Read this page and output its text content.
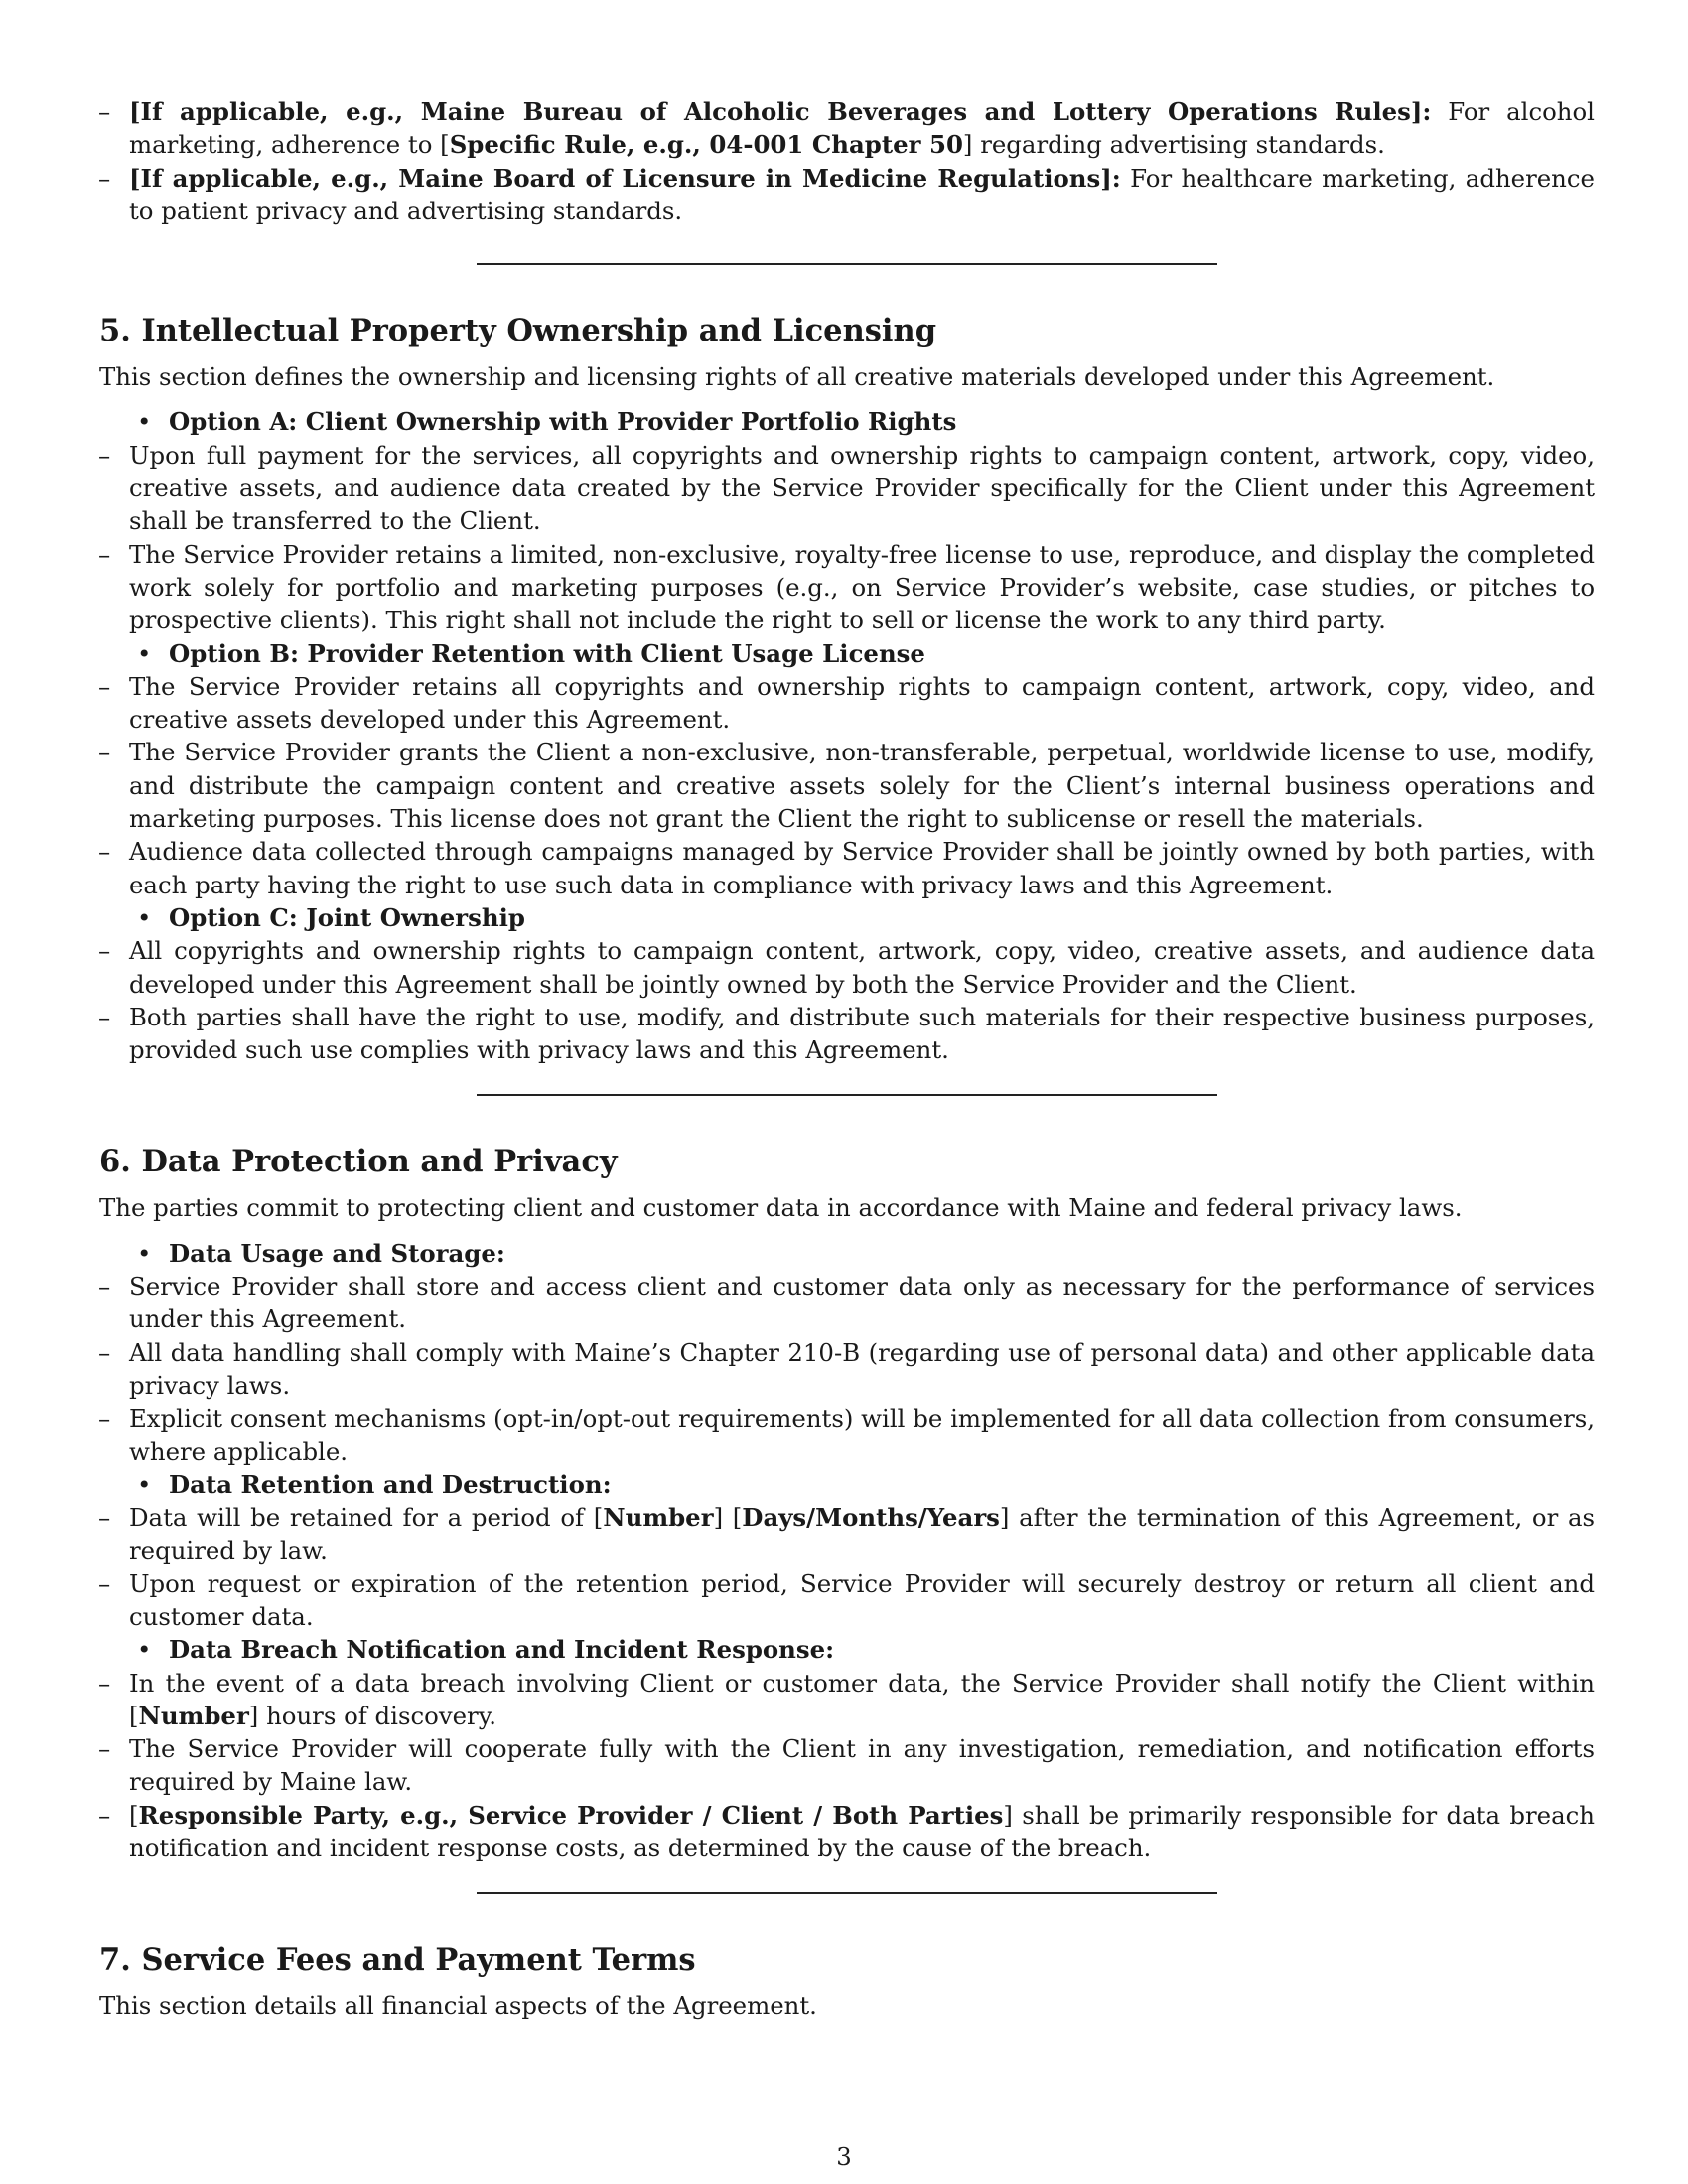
– [If applicable, e.g., Maine Bureau of Alcoholic Beverages and Lottery Operations Rules]: For alcohol marketing, adherence to [Specific Rule, e.g., 04-001 Chapter 50] regarding advertising standards.
– [If applicable, e.g., Maine Board of Licensure in Medicine Regulations]: For healthcare marketing, adherence to patient privacy and advertising standards.
5. Intellectual Property Ownership and Licensing

This section defines the ownership and licensing rights of all creative materials developed under this Agreement.

• Option A: Client Ownership with Provider Portfolio Rights
– Upon full payment for the services, all copyrights and ownership rights to campaign content, artwork, copy, video, creative assets, and audience data created by the Service Provider specifically for the Client under this Agreement shall be transferred to the Client.
– The Service Provider retains a limited, non-exclusive, royalty-free license to use, reproduce, and display the completed work solely for portfolio and marketing purposes (e.g., on Service Provider’s website, case studies, or pitches to prospective clients). This right shall not include the right to sell or license the work to any third party.
• Option B: Provider Retention with Client Usage License
– The Service Provider retains all copyrights and ownership rights to campaign content, artwork, copy, video, and creative assets developed under this Agreement.
– The Service Provider grants the Client a non-exclusive, non-transferable, perpetual, worldwide license to use, modify, and distribute the campaign content and creative assets solely for the Client’s internal business operations and marketing purposes. This license does not grant the Client the right to sublicense or resell the materials.
– Audience data collected through campaigns managed by Service Provider shall be jointly owned by both parties, with each party having the right to use such data in compliance with privacy laws and this Agreement.
• Option C: Joint Ownership
– All copyrights and ownership rights to campaign content, artwork, copy, video, creative assets, and audience data developed under this Agreement shall be jointly owned by both the Service Provider and the Client.
– Both parties shall have the right to use, modify, and distribute such materials for their respective business purposes, provided such use complies with privacy laws and this Agreement.
6. Data Protection and Privacy

The parties commit to protecting client and customer data in accordance with Maine and federal privacy laws.

• Data Usage and Storage:
– Service Provider shall store and access client and customer data only as necessary for the performance of services under this Agreement.
– All data handling shall comply with Maine’s Chapter 210-B (regarding use of personal data) and other applicable data privacy laws.
– Explicit consent mechanisms (opt-in/opt-out requirements) will be implemented for all data collection from consumers, where applicable.
• Data Retention and Destruction:
– Data will be retained for a period of [Number] [Days/Months/Years] after the termination of this Agreement, or as required by law.
– Upon request or expiration of the retention period, Service Provider will securely destroy or return all client and customer data.
• Data Breach Notification and Incident Response:
– In the event of a data breach involving Client or customer data, the Service Provider shall notify the Client within [Number] hours of discovery.
– The Service Provider will cooperate fully with the Client in any investigation, remediation, and notification efforts required by Maine law.
– [Responsible Party, e.g., Service Provider / Client / Both Parties] shall be primarily responsible for data breach notification and incident response costs, as determined by the cause of the breach.
7. Service Fees and Payment Terms

This section details all financial aspects of the Agreement.

3
